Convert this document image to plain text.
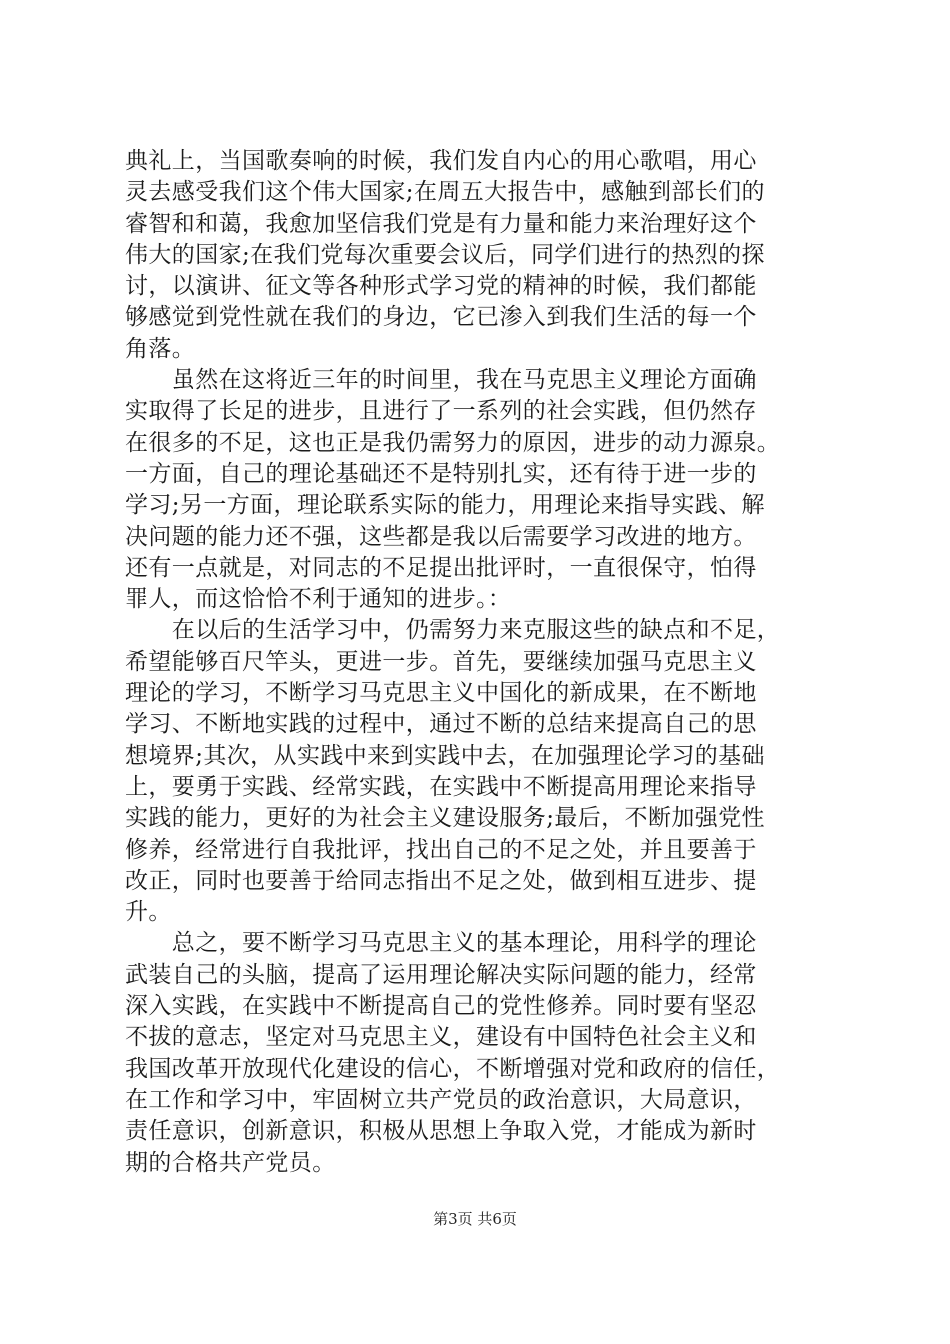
典礼上，当国歌奏响的时候，我们发自内心的用心歌唱，用心
灵去感受我们这个伟大国家;在周五大报告中，感触到部长们的
睿智和和蔼，我愈加坚信我们党是有力量和能力来治理好这个
伟大的国家;在我们党每次重要会议后，同学们进行的热烈的探
讨，以演讲、征文等各种形式学习党的精神的时候，我们都能
够感觉到党性就在我们的身边，它已渗入到我们生活的每一个
角落。
　　虽然在这将近三年的时间里，我在马克思主义理论方面确
实取得了长足的进步，且进行了一系列的社会实践，但仍然存
在很多的不足，这也正是我仍需努力的原因，进步的动力源泉。
一方面，自己的理论基础还不是特别扎实，还有待于进一步的
学习;另一方面，理论联系实际的能力，用理论来指导实践、解
决问题的能力还不强，这些都是我以后需要学习改进的地方。
还有一点就是，对同志的不足提出批评时，一直很保守，怕得
罪人，而这恰恰不利于通知的进步。：
　　在以后的生活学习中，仍需努力来克服这些的缺点和不足，
希望能够百尺竿头，更进一步。首先，要继续加强马克思主义
理论的学习，不断学习马克思主义中国化的新成果，在不断地
学习、不断地实践的过程中，通过不断的总结来提高自己的思
想境界;其次，从实践中来到实践中去，在加强理论学习的基础
上，要勇于实践、经常实践，在实践中不断提高用理论来指导
实践的能力，更好的为社会主义建设服务;最后，不断加强党性
修养，经常进行自我批评，找出自己的不足之处，并且要善于
改正，同时也要善于给同志指出不足之处，做到相互进步、提
升。
　　总之，要不断学习马克思主义的基本理论，用科学的理论
武装自己的头脑，提高了运用理论解决实际问题的能力，经常
深入实践，在实践中不断提高自己的党性修养。同时要有坚忍
不拔的意志，坚定对马克思主义，建设有中国特色社会主义和
我国改革开放现代化建设的信心，不断增强对党和政府的信任，
在工作和学习中，牢固树立共产党员的政治意识，大局意识，
责任意识，创新意识，积极从思想上争取入党，才能成为新时
期的合格共产党员。
第3页 共6页
